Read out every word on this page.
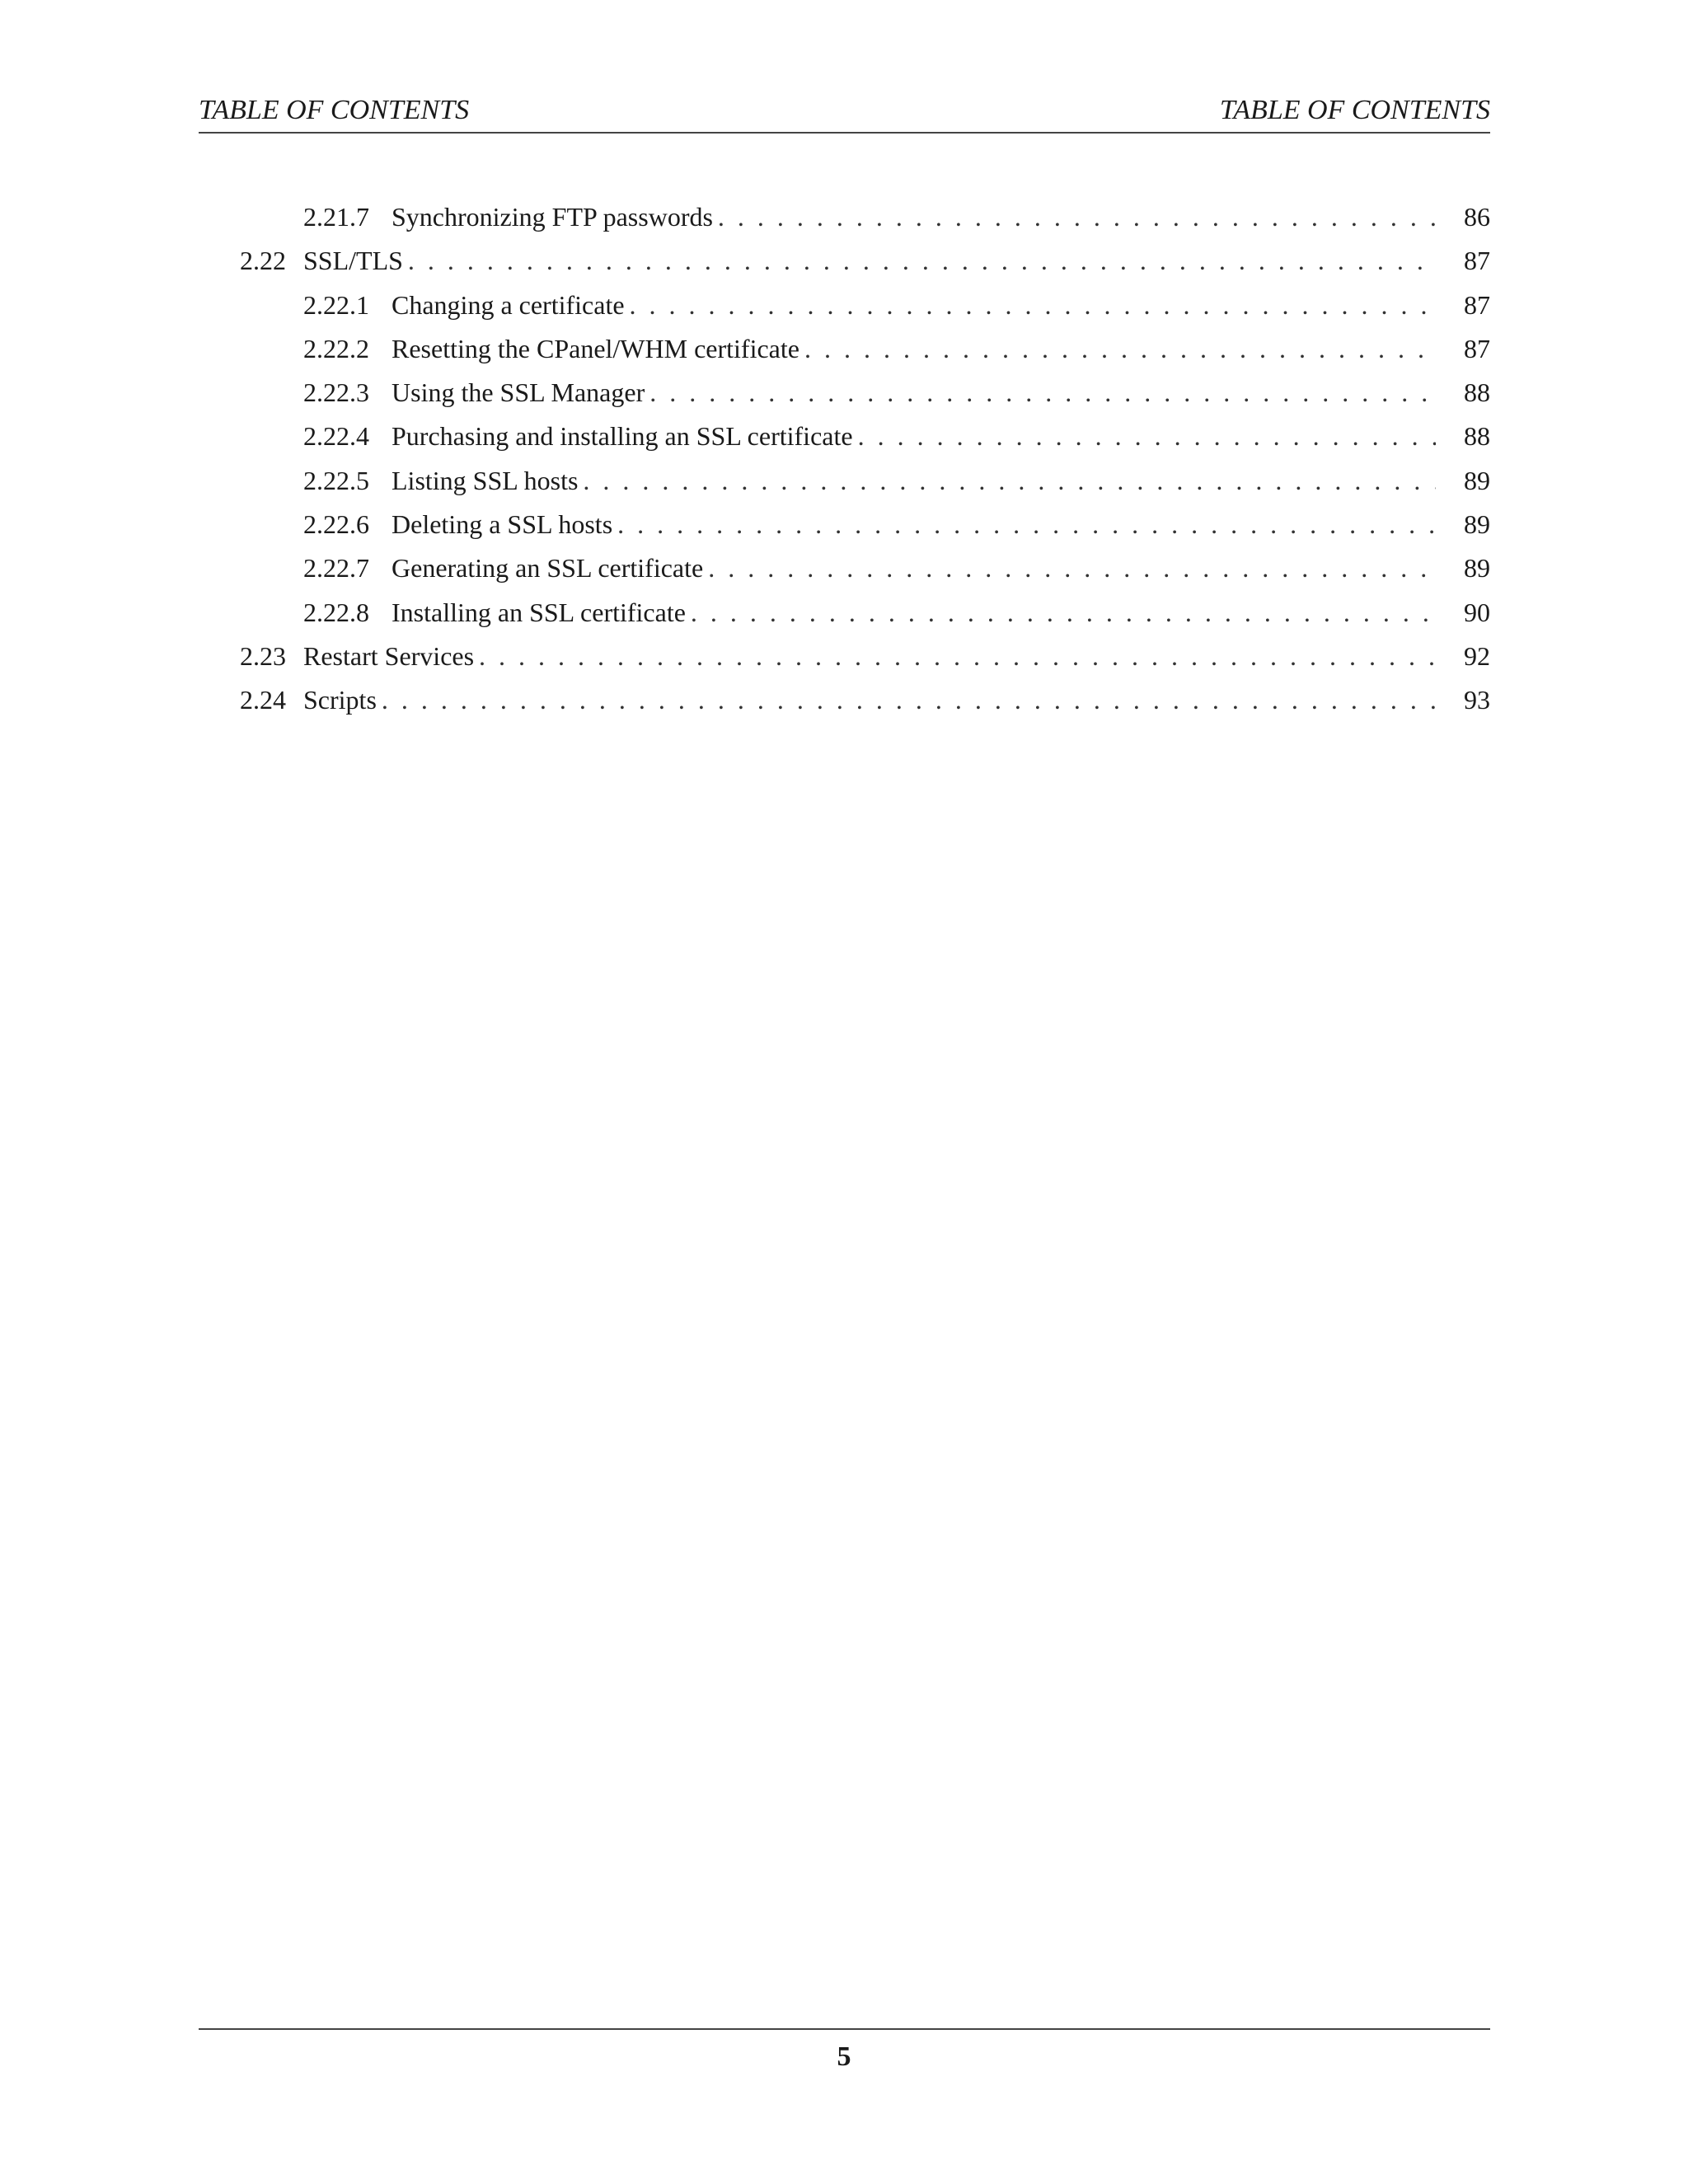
TABLE OF CONTENTS	TABLE OF CONTENTS
2.21.7 Synchronizing FTP passwords . . .	86
2.22 SSL/TLS . . .	87
2.22.1 Changing a certificate . . .	87
2.22.2 Resetting the CPanel/WHM certificate . . .	87
2.22.3 Using the SSL Manager . . .	88
2.22.4 Purchasing and installing an SSL certificate . . .	88
2.22.5 Listing SSL hosts . . .	89
2.22.6 Deleting a SSL hosts . . .	89
2.22.7 Generating an SSL certificate . . .	89
2.22.8 Installing an SSL certificate . . .	90
2.23 Restart Services . . .	92
2.24 Scripts . . .	93
5
